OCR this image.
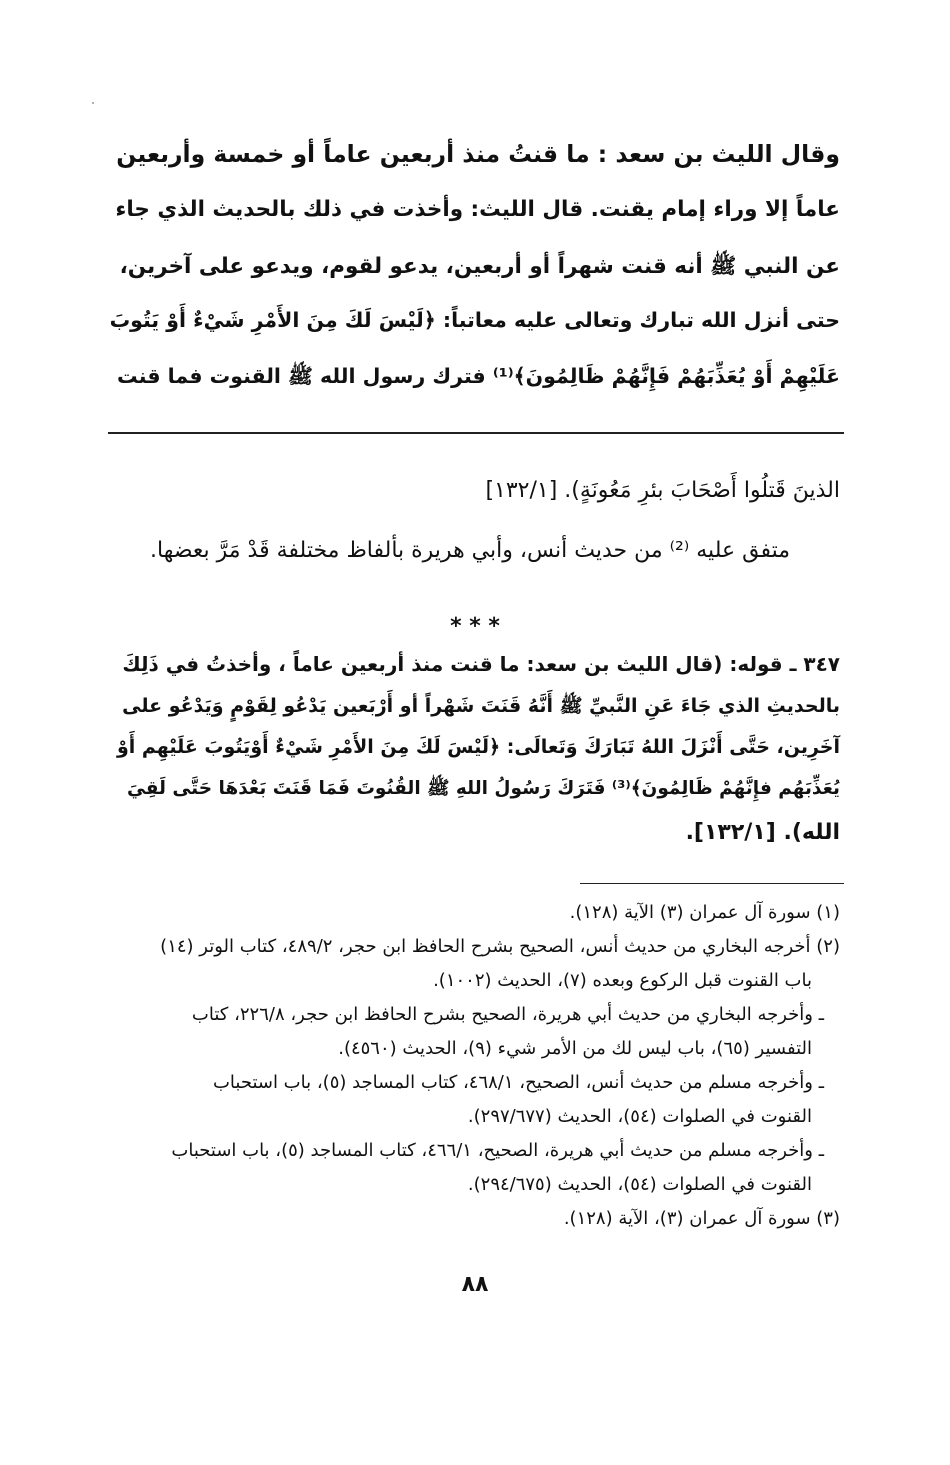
وقال الليث بن سعد : ما قنتُ منذ أربعين عاماً أو خمسة وأربعين
عاماً إلا وراء إمام يقنت. قال الليث: وأخذت في ذلك بالحديث الذي جاء
عن النبي ﷺ أنه قنت شهراً أو أربعين، يدعو لقوم، ويدعو على آخرين،
حتى أنزل الله تبارك وتعالى عليه معاتباً: ﴿لَيْسَ لَكَ مِنَ الأَمْرِ شَيْءٌ أَوْ يَتُوبَ
عَلَيْهِمْ أَوْ يُعَذِّبَهُمْ فَإِنَّهُمْ ظَالِمُونَ﴾⁽¹⁾ فترك رسول الله ﷺ القنوت فما قنت
الذينَ قَتلُوا أَصْحَابَ بئرِ مَعُونَةٍ). [١٣٢/١]
متفق عليه ⁽²⁾ من حديث أنس، وأبي هريرة بألفاظ مختلفة قَدْ مَرَّ بعضها.
* * *
٣٤٧ ـ قوله: (قال الليث بن سعد: ما قنت منذ أربعين عاماً ، وأخذتُ في ذَلِكَ
بالحديثِ الذي جَاءَ عَنِ النَّبيِّ ﷺ أَنَّهُ قَنَتَ شَهْراً أو أَرْبَعين يَدْعُو لِقَوْمٍ وَيَدْعُو على
آخَرِين، حَتَّى أَنْزَلَ اللهُ تَبَارَكَ وَتَعالَى: ﴿لَيْسَ لَكَ مِنَ الأَمْرِ شَيْءٌ أَوْيَتُوبَ عَلَيْهِم أَوْ
يُعَذِّبَهُم فإِنَّهُمْ ظَالِمُونَ﴾⁽³⁾ فَتَرَكَ رَسُولُ اللهِ ﷺ القُنُوتَ فَمَا قَنَتَ بَعْدَهَا حَتَّى لَقِيَ
الله). [١٣٢/١].
(١) سورة آل عمران (٣) الآية (١٢٨).
(٢) أخرجه البخاري من حديث أنس، الصحيح بشرح الحافظ ابن حجر، ٤٨٩/٢، كتاب الوتر (١٤)
باب القنوت قبل الركوع وبعده (٧)، الحديث (١٠٠٢).
ـ وأخرجه البخاري من حديث أبي هريرة، الصحيح بشرح الحافظ ابن حجر، ٢٢٦/٨، كتاب
التفسير (٦٥)، باب ليس لك من الأمر شيء (٩)، الحديث (٤٥٦٠).
ـ وأخرجه مسلم من حديث أنس، الصحيح، ٤٦٨/١، كتاب المساجد (٥)، باب استحباب
القنوت في الصلوات (٥٤)، الحديث (٢٩٧/٦٧٧).
ـ وأخرجه مسلم من حديث أبي هريرة، الصحيح، ٤٦٦/١، كتاب المساجد (٥)، باب استحباب
القنوت في الصلوات (٥٤)، الحديث (٢٩٤/٦٧٥).
(٣) سورة آل عمران (٣)، الآية (١٢٨).
٨٨
